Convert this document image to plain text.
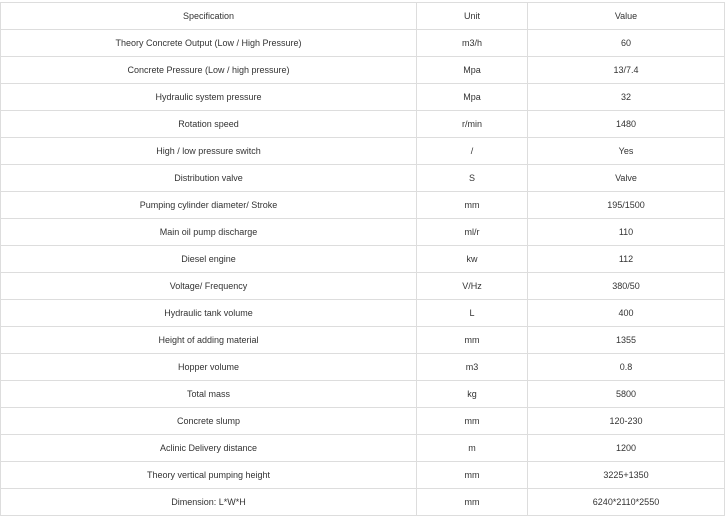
Specification	Unit	Value
Theory Concrete Output (Low / High Pressure)	m3/h	60
Concrete Pressure (Low / high pressure)	Mpa	13/7.4
Hydraulic system pressure	Mpa	32
Rotation speed	r/min	1480
High / low pressure switch	/	Yes
Distribution valve	S	Valve
Pumping cylinder diameter/ Stroke	mm	195/1500
Main oil pump discharge	ml/r	110
Diesel engine	kw	112
Voltage/ Frequency	V/Hz	380/50
Hydraulic tank volume	L	400
Height of adding material	mm	1355
Hopper volume	m3	0.8
Total mass	kg	5800
Concrete slump	mm	120-230
Aclinic Delivery distance	m	1200
Theory vertical pumping height	mm	3225+1350
Dimension: L*W*H	mm	6240*2110*2550
